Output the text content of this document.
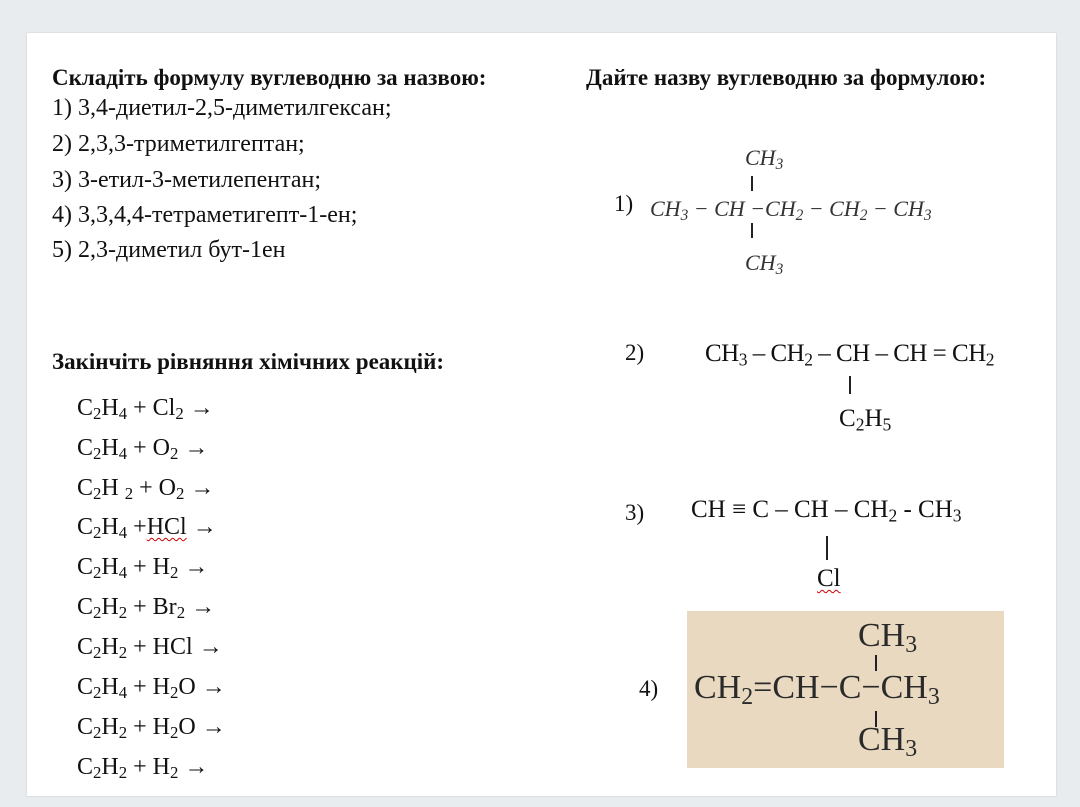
Складіть формулу вуглеводню за назвою:
1) 3,4-диетил-2,5-диметилгексан;
2) 2,3,3-триметилгептан;
3) 3-етил-3-метилепентан;
4) 3,3,4,4-тетраметигепт-1-ен;
5) 2,3-диметил бут-1ен
Закінчіть рівняння хімічних реакцій:
$C_2H_4 + Cl_2$ →
$C_2H_4 + O_2$ →
$C_2H$ $_2 + O_2$ →
$C_2H_4 +HCl$ →
$C_2H_4 + H_2$ →
$C_2H_2 + Br_2$ →
$C_2H_2$ + HCl →
$C_2H_4 + H_2O$ →
$C_2H_2 + H_2O$ →
$C_2H_2 + H_2$ →
Дайте назву вуглеводню за формулою:
1)
$CH_3$
$CH_3$ − CH $-CH_2 - CH_2 - CH_3$
$CH_3$
2) $CH_3 - CH_2$ – CH – CH = $CH_2$
$C_2H_5$
3) CH ≡ C – CH – $CH_2 - CH_3$
Cl
4)
$CH_3$
$CH_2=CH-C-CH_3$
$CH_3$
